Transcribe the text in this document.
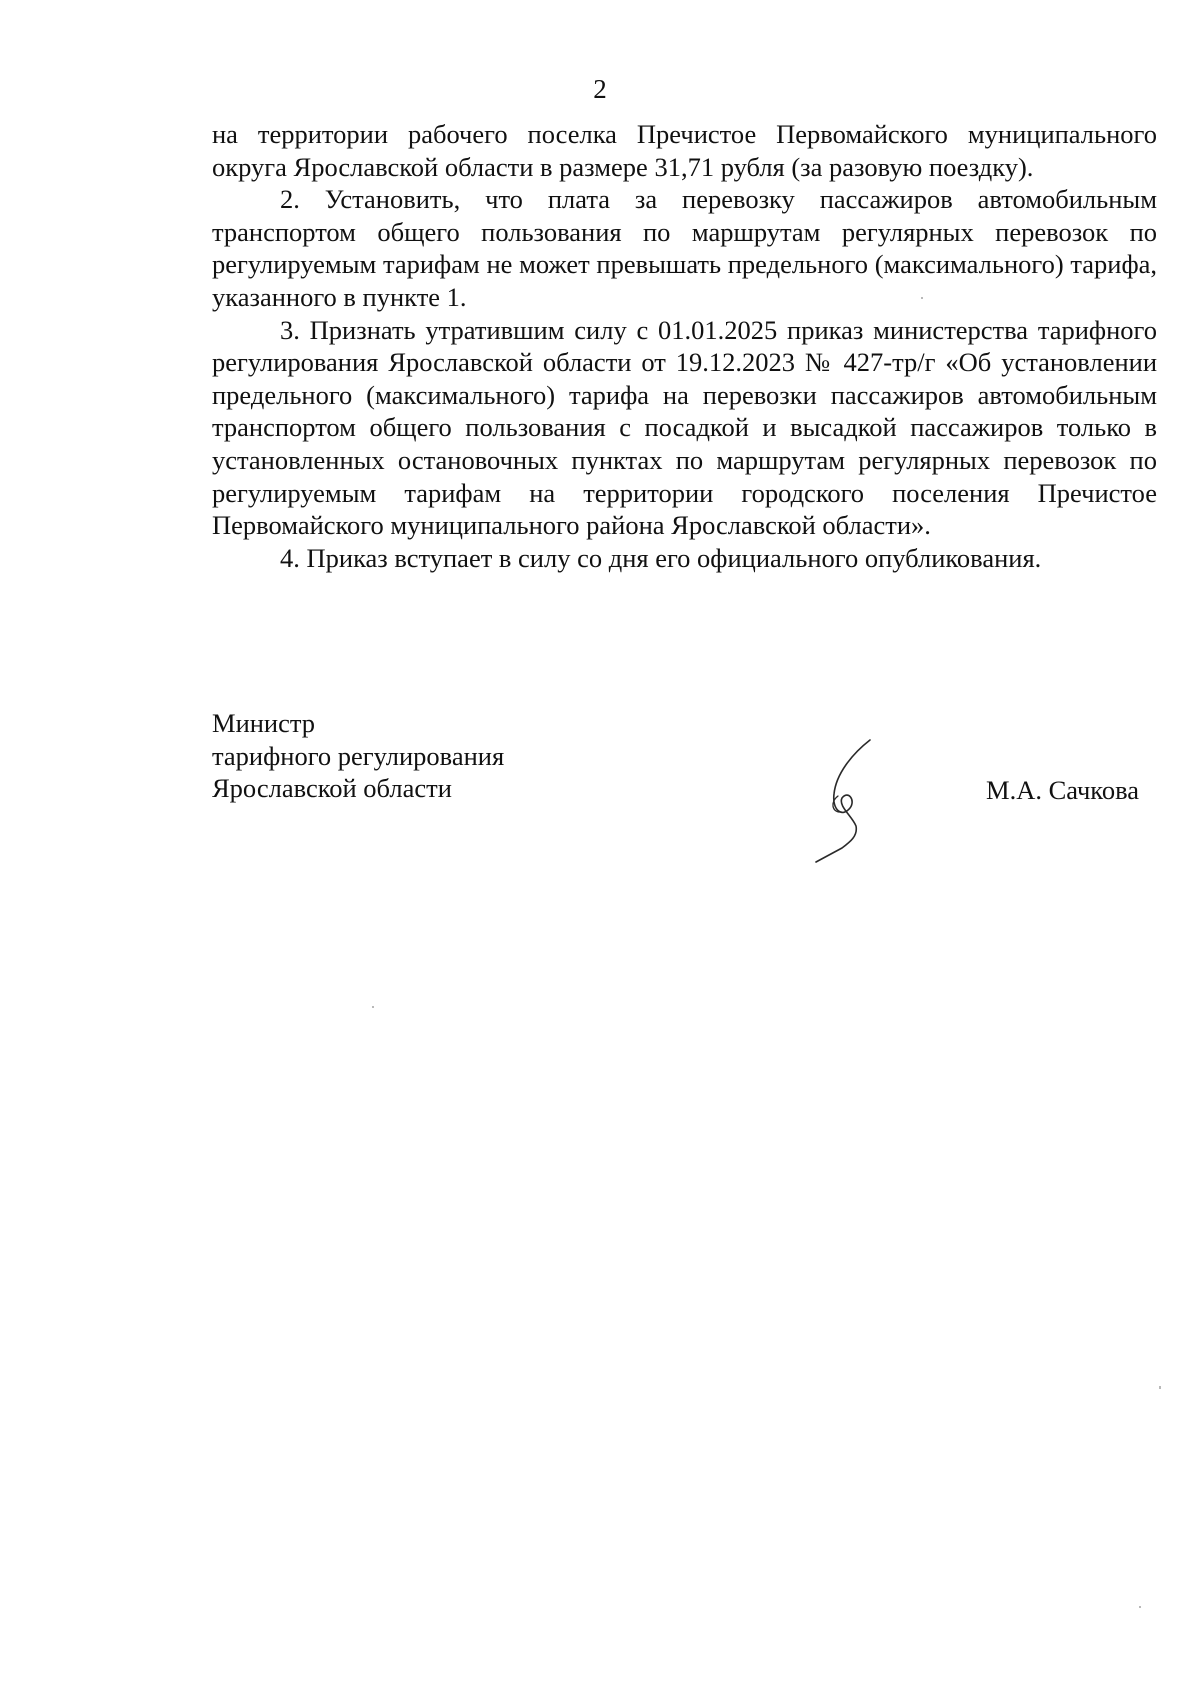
2

на территории рабочего поселка Пречистое Первомайского муниципального округа Ярославской области в размере 31,71 рубля (за разовую поездку).

2. Установить, что плата за перевозку пассажиров автомобильным транспортом общего пользования по маршрутам регулярных перевозок по регулируемым тарифам не может превышать предельного (максимального) тарифа, указанного в пункте 1.

3. Признать утратившим силу с 01.01.2025 приказ министерства тарифного регулирования Ярославской области от 19.12.2023 № 427-тр/г «Об установлении предельного (максимального) тарифа на перевозки пассажиров автомобильным транспортом общего пользования с посадкой и высадкой пассажиров только в установленных остановочных пунктах по маршрутам регулярных перевозок по регулируемым тарифам на территории городского поселения Пречистое Первомайского муниципального района Ярославской области».

4. Приказ вступает в силу со дня его официального опубликования.

Министр
тарифного регулирования
Ярославской области	М.А. Сачкова
